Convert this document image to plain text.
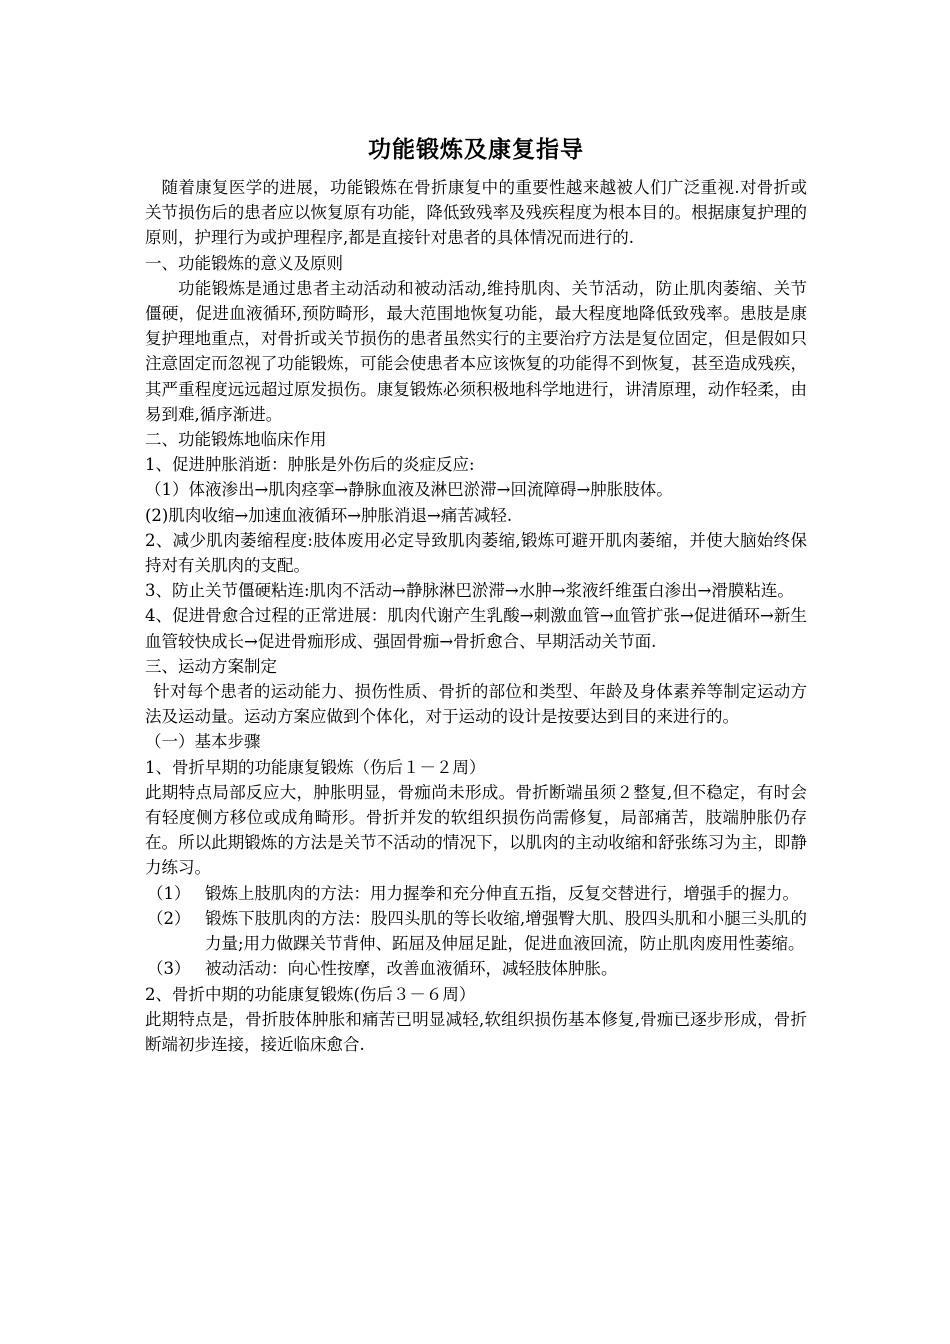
功能锻炼及康复指导

随着康复医学的进展，功能锻炼在骨折康复中的重要性越来越被人们广泛重视.对骨折或关节损伤后的患者应以恢复原有功能，降低致残率及残疾程度为根本目的。根据康复护理的原则，护理行为或护理程序,都是直接针对患者的具体情况而进行的.

一、功能锻炼的意义及原则

功能锻炼是通过患者主动活动和被动活动,维持肌肉、关节活动，防止肌肉萎缩、关节僵硬，促进血液循环,预防畸形，最大范围地恢复功能，最大程度地降低致残率。患肢是康复护理地重点，对骨折或关节损伤的患者虽然实行的主要治疗方法是复位固定，但是假如只注意固定而忽视了功能锻炼，可能会使患者本应该恢复的功能得不到恢复，甚至造成残疾，其严重程度远远超过原发损伤。康复锻炼必须积极地科学地进行，讲清原理，动作轻柔，由易到难,循序渐进。

二、功能锻炼地临床作用

1、促进肿胀消逝：肿胀是外伤后的炎症反应:

（1）体液渗出→肌肉痉挛→静脉血液及淋巴淤滞→回流障碍→肿胀肢体。

(2)肌肉收缩→加速血液循环→肿胀消退→痛苦减轻.

2、减少肌肉萎缩程度:肢体废用必定导致肌肉萎缩,锻炼可避开肌肉萎缩，并使大脑始终保持对有关肌肉的支配。

3、防止关节僵硬粘连:肌肉不活动→静脉淋巴淤滞→水肿→浆液纤维蛋白渗出→滑膜粘连。

4、促进骨愈合过程的正常进展：肌肉代谢产生乳酸→刺激血管→血管扩张→促进循环→新生血管较快成长→促进骨痂形成、强固骨痂→骨折愈合、早期活动关节面.

三、运动方案制定

针对每个患者的运动能力、损伤性质、骨折的部位和类型、年龄及身体素养等制定运动方法及运动量。运动方案应做到个体化，对于运动的设计是按要达到目的来进行的。

（一）基本步骤

1、骨折早期的功能康复锻炼（伤后１－２周）

此期特点局部反应大，肿胀明显，骨痂尚未形成。骨折断端虽须２整复,但不稳定，有时会有轻度侧方移位或成角畸形。骨折并发的软组织损伤尚需修复，局部痛苦，肢端肿胀仍存在。所以此期锻炼的方法是关节不活动的情况下，以肌肉的主动收缩和舒张练习为主，即静力练习。

（1） 锻炼上肢肌肉的方法：用力握拳和充分伸直五指，反复交替进行，增强手的握力。
（2） 锻炼下肢肌肉的方法：股四头肌的等长收缩,增强臀大肌、股四头肌和小腿三头肌的力量;用力做踝关节背伸、跖屈及伸屈足趾，促进血液回流，防止肌肉废用性萎缩。
（3） 被动活动：向心性按摩，改善血液循环，减轻肢体肿胀。

2、骨折中期的功能康复锻炼(伤后３－６周）

此期特点是，骨折肢体肿胀和痛苦已明显减轻,软组织损伤基本修复,骨痂已逐步形成，骨折断端初步连接，接近临床愈合.
